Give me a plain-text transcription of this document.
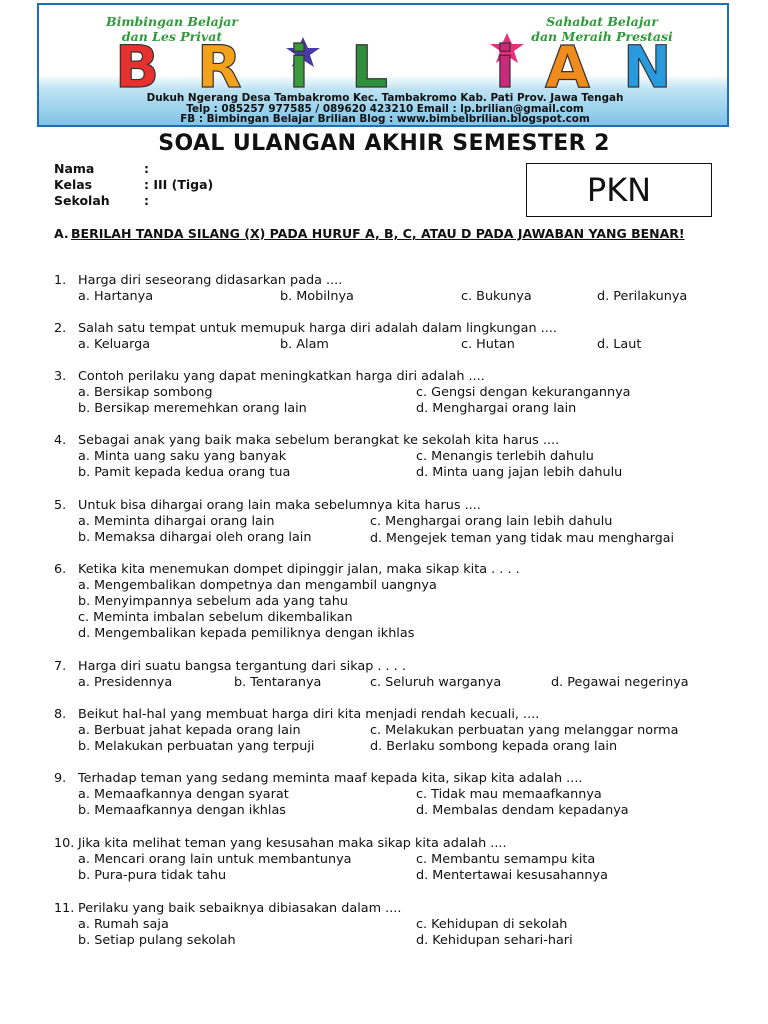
Bimbingan Belajar
dan Les Privat
Sahabat Belajar
dan Meraih Prestasi
B R i L i A N
Dukuh Ngerang Desa Tambakromo Kec. Tambakromo Kab. Pati Prov. Jawa Tengah
Telp : 085257 977585 / 089620 423210 Email : lp.brilian@gmail.com
FB : Bimbingan Belajar Brilian Blog : www.bimbelbrilian.blogspot.com
SOAL ULANGAN AKHIR SEMESTER 2
Nama	:
Kelas	: III (Tiga)
Sekolah	:	PKN
A. BERILAH TANDA SILANG (X) PADA HURUF A, B, C, ATAU D PADA JAWABAN YANG BENAR!
1. Harga diri seseorang didasarkan pada ....
a. Hartanya	b. Mobilnya	c. Bukunya	d. Perilakunya
2. Salah satu tempat untuk memupuk harga diri adalah dalam lingkungan ....
a. Keluarga	b. Alam	c. Hutan	d. Laut
3. Contoh perilaku yang dapat meningkatkan harga diri adalah ....
a. Bersikap sombong	c. Gengsi dengan kekurangannya
b. Bersikap meremehkan orang lain	d. Menghargai orang lain
4. Sebagai anak yang baik maka sebelum berangkat ke sekolah kita harus ....
a. Minta uang saku yang banyak	c. Menangis terlebih dahulu
b. Pamit kepada kedua orang tua	d. Minta uang jajan lebih dahulu
5. Untuk bisa dihargai orang lain maka sebelumnya kita harus ....
a. Meminta dihargai orang lain	c. Menghargai orang lain lebih dahulu
b. Memaksa dihargai oleh orang lain	d. Mengejek teman yang tidak mau menghargai
6. Ketika kita menemukan dompet dipinggir jalan, maka sikap kita . . . .
a. Mengembalikan dompetnya dan mengambil uangnya
b. Menyimpannya sebelum ada yang tahu
c. Meminta imbalan sebelum dikembalikan
d. Mengembalikan kepada pemiliknya dengan ikhlas
7. Harga diri suatu bangsa tergantung dari sikap . . . .
a. Presidennya	b. Tentaranya	c. Seluruh warganya	d. Pegawai negerinya
8. Beikut hal-hal yang membuat harga diri kita menjadi rendah kecuali, ....
a. Berbuat jahat kepada orang lain	c. Melakukan perbuatan yang melanggar norma
b. Melakukan perbuatan yang terpuji	d. Berlaku sombong kepada orang lain
9. Terhadap teman yang sedang meminta maaf kepada kita, sikap kita adalah ....
a. Memaafkannya dengan syarat	c. Tidak mau memaafkannya
b. Memaafkannya dengan ikhlas	d. Membalas dendam kepadanya
10. Jika kita melihat teman yang kesusahan maka sikap kita adalah ....
a. Mencari orang lain untuk membantunya	c. Membantu semampu kita
b. Pura-pura tidak tahu	d. Mentertawai kesusahannya
11. Perilaku yang baik sebaiknya dibiasakan dalam ....
a. Rumah saja	c. Kehidupan di sekolah
b. Setiap pulang sekolah	d. Kehidupan sehari-hari
